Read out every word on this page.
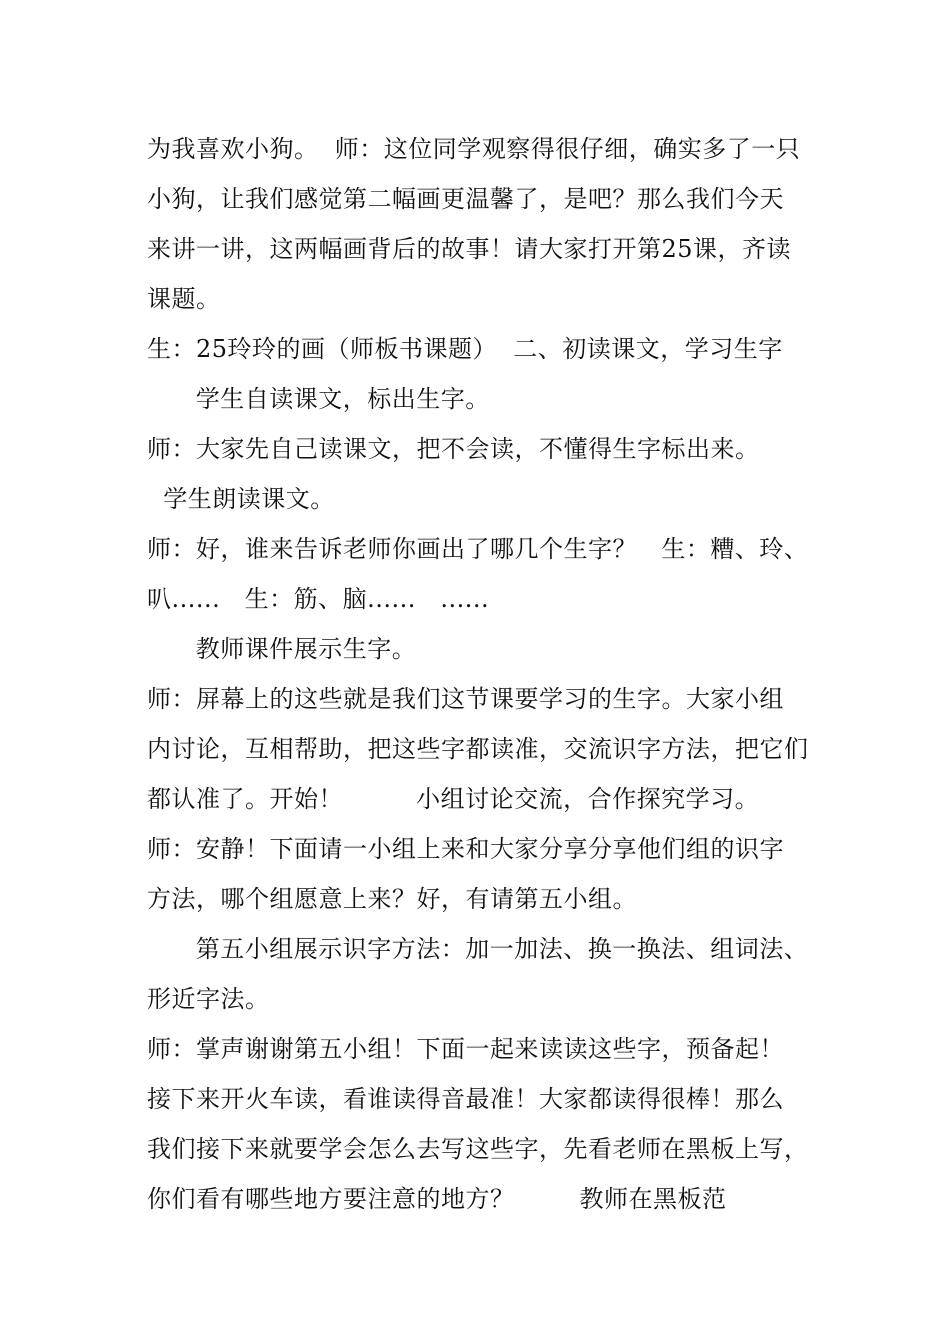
为我喜欢小狗。  师：这位同学观察得很仔细，确实多了一只
小狗，让我们感觉第二幅画更温馨了，是吧？那么我们今天
来讲一讲，这两幅画背后的故事！请大家打开第25课，齐读
课题。
生：25玲玲的画（师板书课题）  二、初读课文，学习生字
学生自读课文，标出生字。
师：大家先自己读课文，把不会读，不懂得生字标出来。
学生朗读课文。
师：好，谁来告诉老师你画出了哪几个生字？   生：糟、玲、
叭......   生：筋、脑......   ......
教师课件展示生字。
师：屏幕上的这些就是我们这节课要学习的生字。大家小组
内讨论，互相帮助，把这些字都读准，交流识字方法，把它们
都认准了。开始！         小组讨论交流，合作探究学习。
师：安静！下面请一小组上来和大家分享分享他们组的识字
方法，哪个组愿意上来？好，有请第五小组。
第五小组展示识字方法：加一加法、换一换法、组词法、
形近字法。
师：掌声谢谢第五小组！下面一起来读读这些字，预备起！
接下来开火车读，看谁读得音最准！大家都读得很棒！那么
我们接下来就要学会怎么去写这些字，先看老师在黑板上写，
你们看有哪些地方要注意的地方？        教师在黑板范
